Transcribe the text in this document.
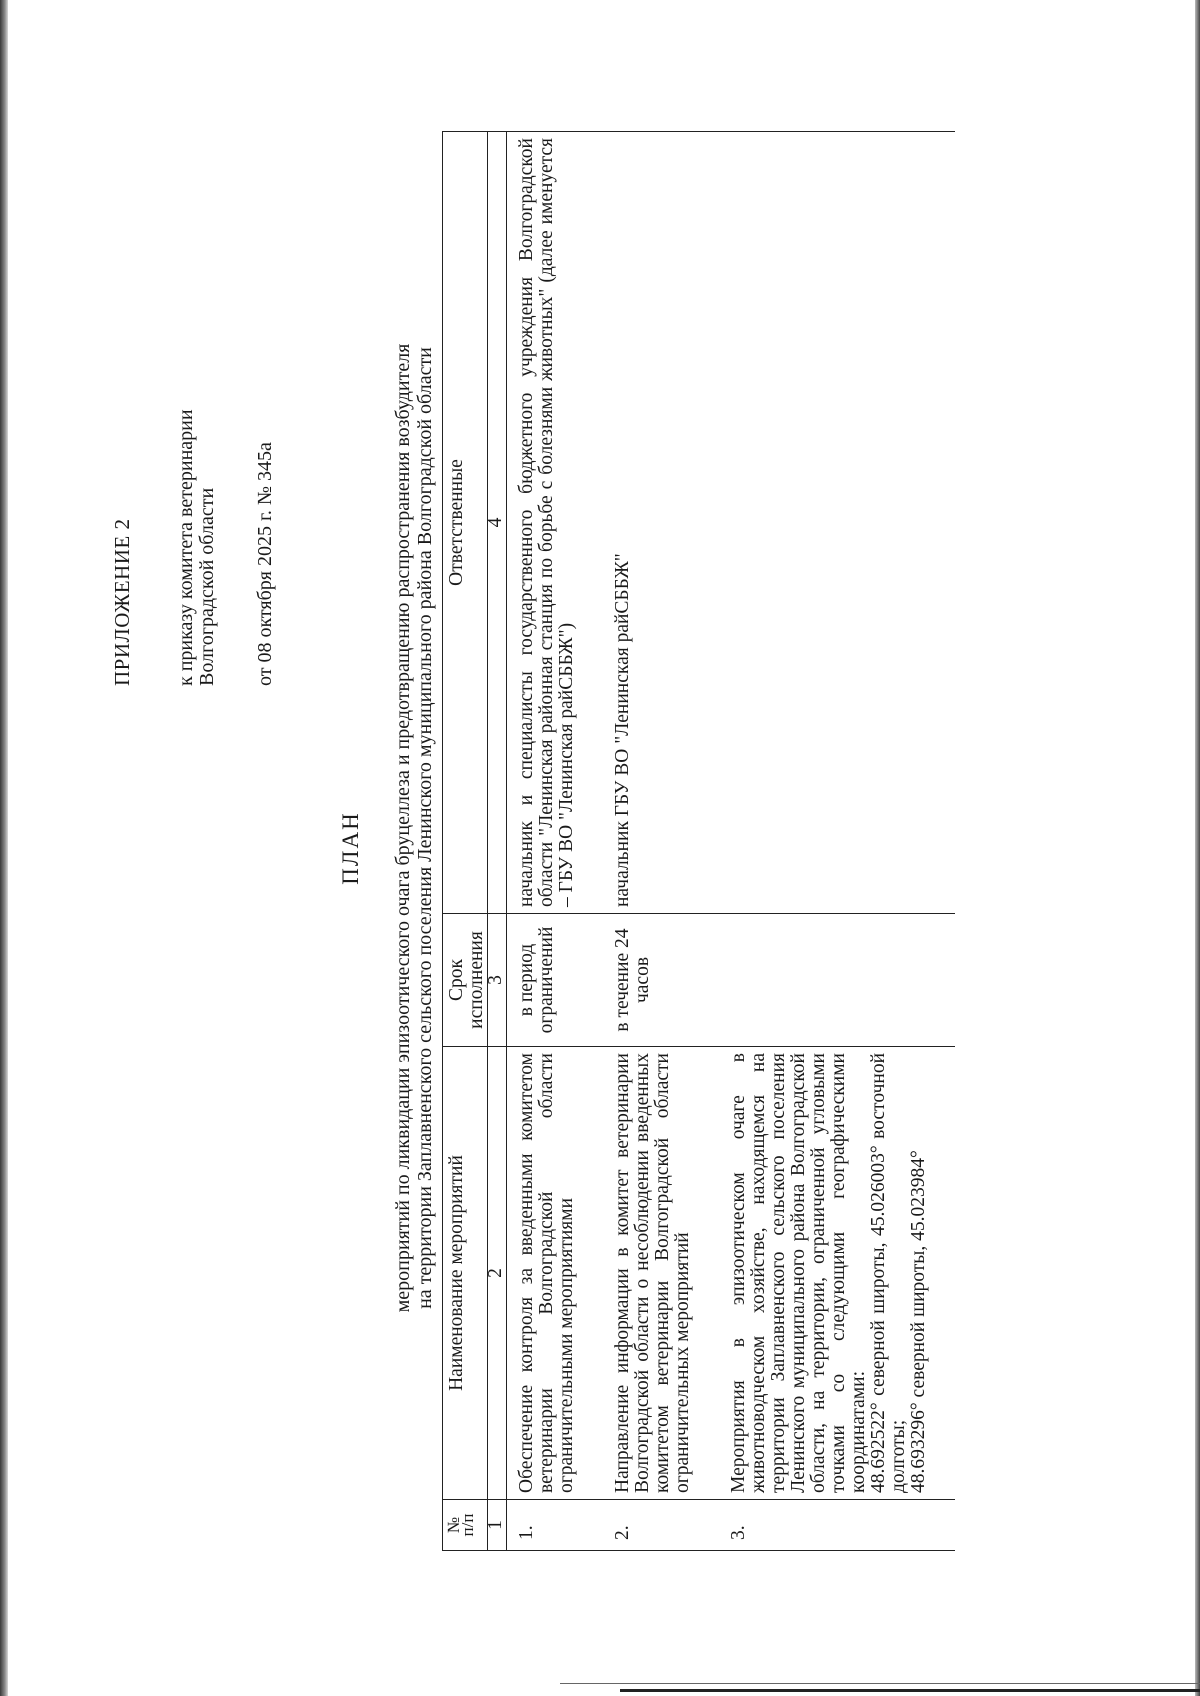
ПРИЛОЖЕНИЕ 2 к приказу комитета ветеринарии Волгоградской области от 08 октября 2025 г. № 345а
ПЛАН мероприятий по ликвидации эпизоотического очага бруцеллеза и предотвращению распространения возбудителя на территории Заплавненского сельского поселения Ленинского муниципального района Волгоградской области
№
п/п	Наименование мероприятий	Срок исполнения	Ответственные
1	2	3	4
1.	Обеспечение контроля за введенными комитетом ветеринарии Волгоградской области ограничительными мероприятиями	в период ограничений	начальник и специалисты государственного бюджетного учреждения Волгоградской области "Ленинская районная станция по борьбе с болезнями животных" (далее именуется – ГБУ ВО "Ленинская райСББЖ")
2.	Направление информации в комитет ветеринарии Волгоградской области о несоблюдении введенных комитетом ветеринарии Волгоградской области ограничительных мероприятий	в течение 24 часов	начальник ГБУ ВО "Ленинская райСББЖ"
3.	Мероприятия в эпизоотическом очаге в животноводческом хозяйстве, находящемся на территории Заплавненского сельского поселения Ленинского муниципального района Волгоградской области, на территории, ограниченной угловыми точками со следующими географическими координатами: 48.692522° северной широты, 45.026003° восточной долготы; 48.693296° северной широты, 45.023984°		
